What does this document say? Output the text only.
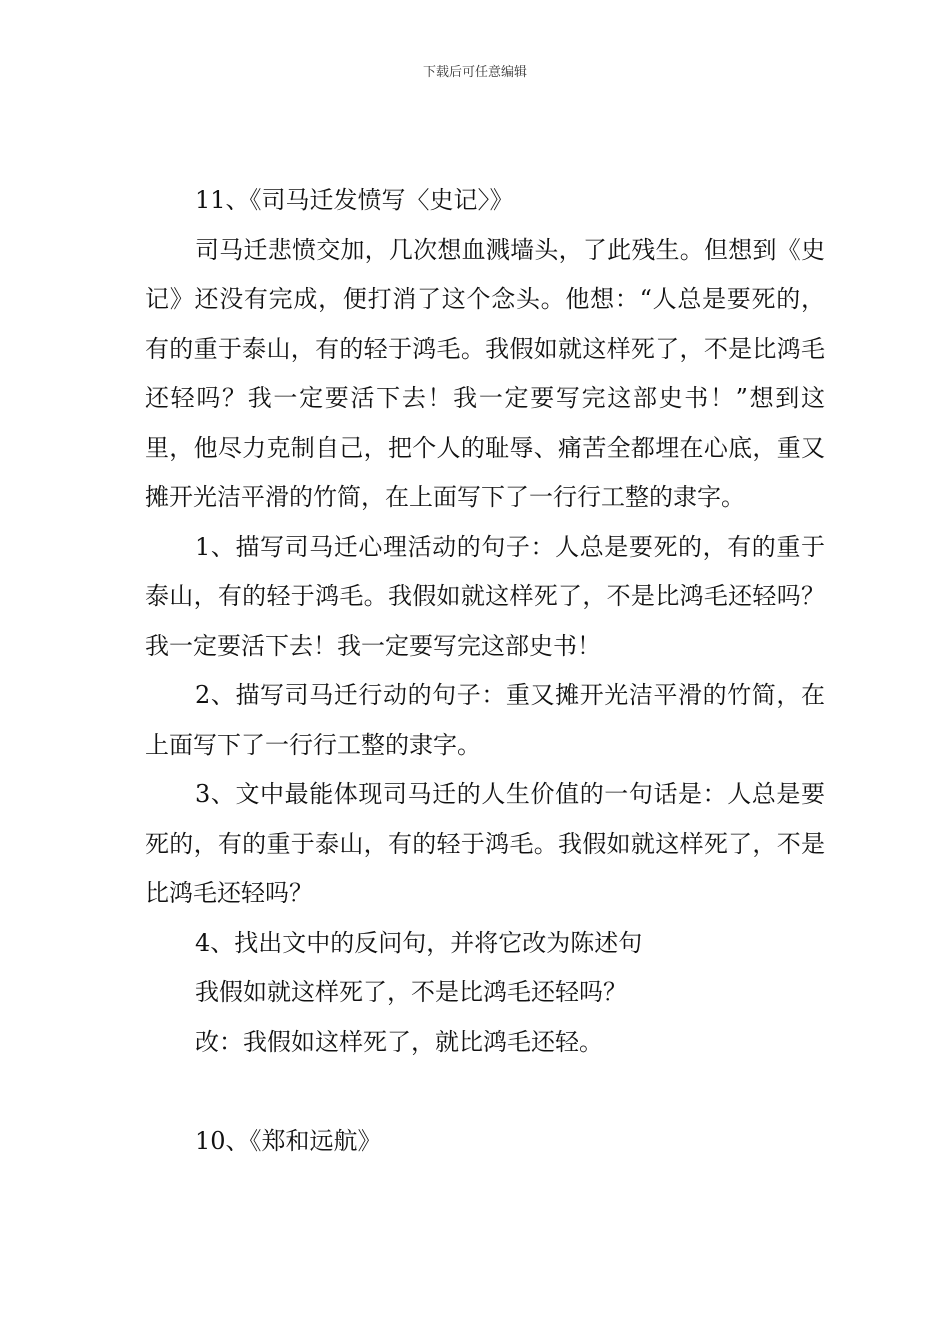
下载后可任意编辑

11、《司马迁发愤写〈史记〉》

司马迁悲愤交加，几次想血溅墙头，了此残生。但想到《史记》还没有完成，便打消了这个念头。他想：“人总是要死的，有的重于泰山，有的轻于鸿毛。我假如就这样死了，不是比鸿毛还轻吗？我一定要活下去！我一定要写完这部史书！”想到这里，他尽力克制自己，把个人的耻辱、痛苦全都埋在心底，重又摊开光洁平滑的竹简，在上面写下了一行行工整的隶字。

1、描写司马迁心理活动的句子：人总是要死的，有的重于泰山，有的轻于鸿毛。我假如就这样死了，不是比鸿毛还轻吗？我一定要活下去！我一定要写完这部史书！

2、描写司马迁行动的句子：重又摊开光洁平滑的竹简，在上面写下了一行行工整的隶字。

3、文中最能体现司马迁的人生价值的一句话是：人总是要死的，有的重于泰山，有的轻于鸿毛。我假如就这样死了，不是比鸿毛还轻吗？

4、找出文中的反问句，并将它改为陈述句

我假如就这样死了，不是比鸿毛还轻吗？

改：我假如这样死了，就比鸿毛还轻。

10、《郑和远航》
